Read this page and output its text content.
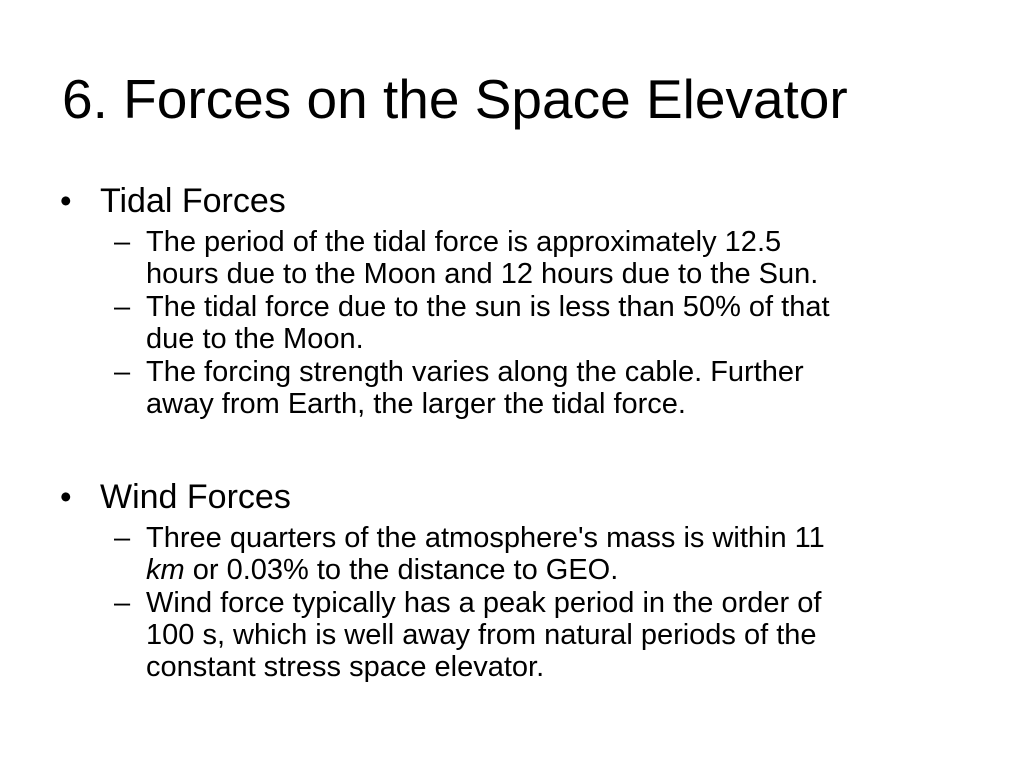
6. Forces on the Space Elevator
• Tidal Forces
– The period of the tidal force is approximately 12.5
hours due to the Moon and 12 hours due to the Sun.
– The tidal force due to the sun is less than 50% of that
due to the Moon.
– The forcing strength varies along the cable. Further
away from Earth, the larger the tidal force.
• Wind Forces
– Three quarters of the atmosphere's mass is within 11
km or 0.03% to the distance to GEO.
– Wind force typically has a peak period in the order of
100 s, which is well away from natural periods of the
constant stress space elevator.
